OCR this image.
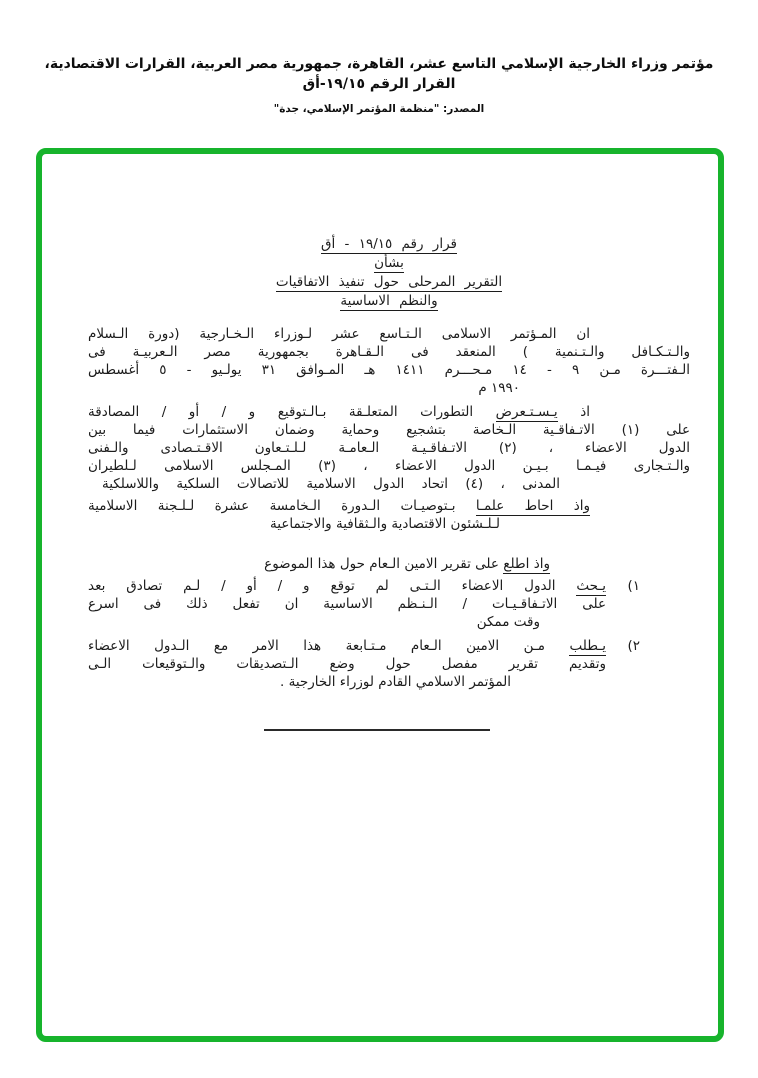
مؤتمر وزراء الخارجية الإسلامي التاسع عشر، القاهرة، جمهورية مصر العربية، القرارات الاقتصادية، القرار الرقم ١٩/١٥-أق
المصدر: "منظمة المؤتمر الإسلامي، جدة"
قرار رقم ١٩/١٥ - أق
بشأن
التقرير المرحلى حول تنفيذ الاتفاقيات
والنظم الاساسية
ان المـؤتمر الاسلامى الـتـاسع عشر لـوزراء الـخـارجية (دورة الـسلام
والـتـكـافل والـتـنمية ) المنعقد فى الـقـاهرة بجمهورية مصر الـعربيـة فى
الـفتـــرة مـن ٩ - ١٤ مـحـــرم ١٤١١ هـ المـوافق ٣١ يولـيو - ٥ أغسطس
١٩٩٠ م
اذ يـسـتـعرض التطورات المتعلـقة بـالـتوقيع و / أو / المصادقة
على (١) الاتـفاقـية الـخاصة بتشجيع وحماية وضمان الاستثمارات فيما بين
الدول الاعضاء ، (٢) الاتـفاقـيـة الـعامـة لـلـتـعاون الاقـتـصادى والـفنى
والـتـجارى فيـمـا بـيـن الدول الاعضاء ، (٣) المـجلس الاسلامى لـلطيران
المدنى ، (٤) اتحاد الدول الاسلامية للاتصالات السلكية واللاسلكية
واذ احاط علمـا بـتوصيـات الـدورة الـخامسة عشرة لـلـجنة الاسلامية
لـلـشئون الاقتصادية والـثقافية والاجتماعية
واذ اطلع على تقرير الامين الـعام حول هذا الموضوع
١)
يـحث الدول الاعضاء الـتـى لم توقع و / أو / لـم تصادق بعد
على الاتـفاقـيـات / الـنـظم الاساسية ان تفعل ذلك فى اسرع
وقت ممكن
٢)
يـطلب مـن الامين الـعام مـتـابعة هذا الامر مع الـدول الاعضاء
وتقديم تقرير مفصل حول وضع الـتصديقات والـتوقيعات الـى
المؤتمر الاسلامي القادم لوزراء الخارجية .
